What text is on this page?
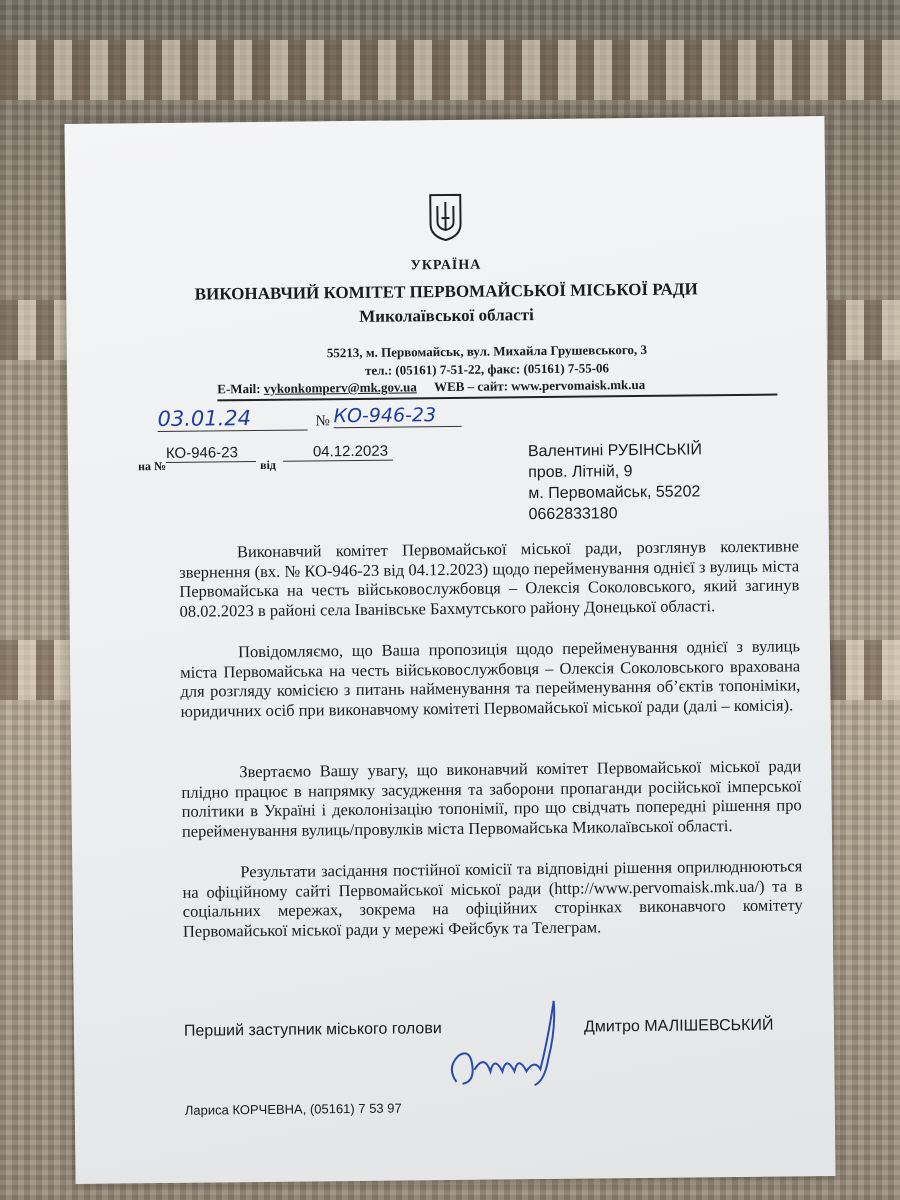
УКРАЇНА
ВИКОНАВЧИЙ КОМІТЕТ ПЕРВОМАЙСЬКОЇ МІСЬКОЇ РАДИ
Миколаївської області
55213, м. Первомайськ, вул. Михайла Грушевського, 3
тел.: (05161) 7-51-22, факс: (05161) 7-55-06
E-Mail: vykonkomperv@mk.gov.ua WEB – сайт: www.pervomaisk.mk.ua
03.01.24	№ КО-946-23
на №
КО-946-23
від
04.12.2023	Валентині РУБІНСЬКІЙ
пров. Літній, 9
м. Первомайськ, 55202
0662833180
Виконавчий комітет Первомайської міської ради, розглянув колективне звернення (вх. № КО-946-23 від 04.12.2023) щодо перейменування однієї з вулиць міста Первомайська на честь військовослужбовця – Олексія Соколовського, який загинув 08.02.2023 в районі села Іванівське Бахмутського району Донецької області.
Повідомляємо, що Ваша пропозиція щодо перейменування однієї з вулиць міста Первомайська на честь військовослужбовця – Олексія Соколовського врахована для розгляду комісією з питань найменування та перейменування об’єктів топоніміки, юридичних осіб при виконавчому комітеті Первомайської міської ради (далі – комісія).
Звертаємо Вашу увагу, що виконавчий комітет Первомайської міської ради плідно працює в напрямку засудження та заборони пропаганди російської імперської політики в Україні і деколонізацію топонімії, про що свідчать попередні рішення про перейменування вулиць/провулків міста Первомайська Миколаївської області.
Результати засідання постійної комісії та відповідні рішення оприлюднюються на офіційному сайті Первомайської міської ради (http://www.pervomaisk.mk.ua/) та в соціальних мережах, зокрема на офіційних сторінках виконавчого комітету Первомайської міської ради у мережі Фейсбук та Телеграм.
Перший заступник міського голови	Дмитро МАЛІШЕВСЬКИЙ
Лариса КОРЧЕВНА, (05161) 7 53 97
